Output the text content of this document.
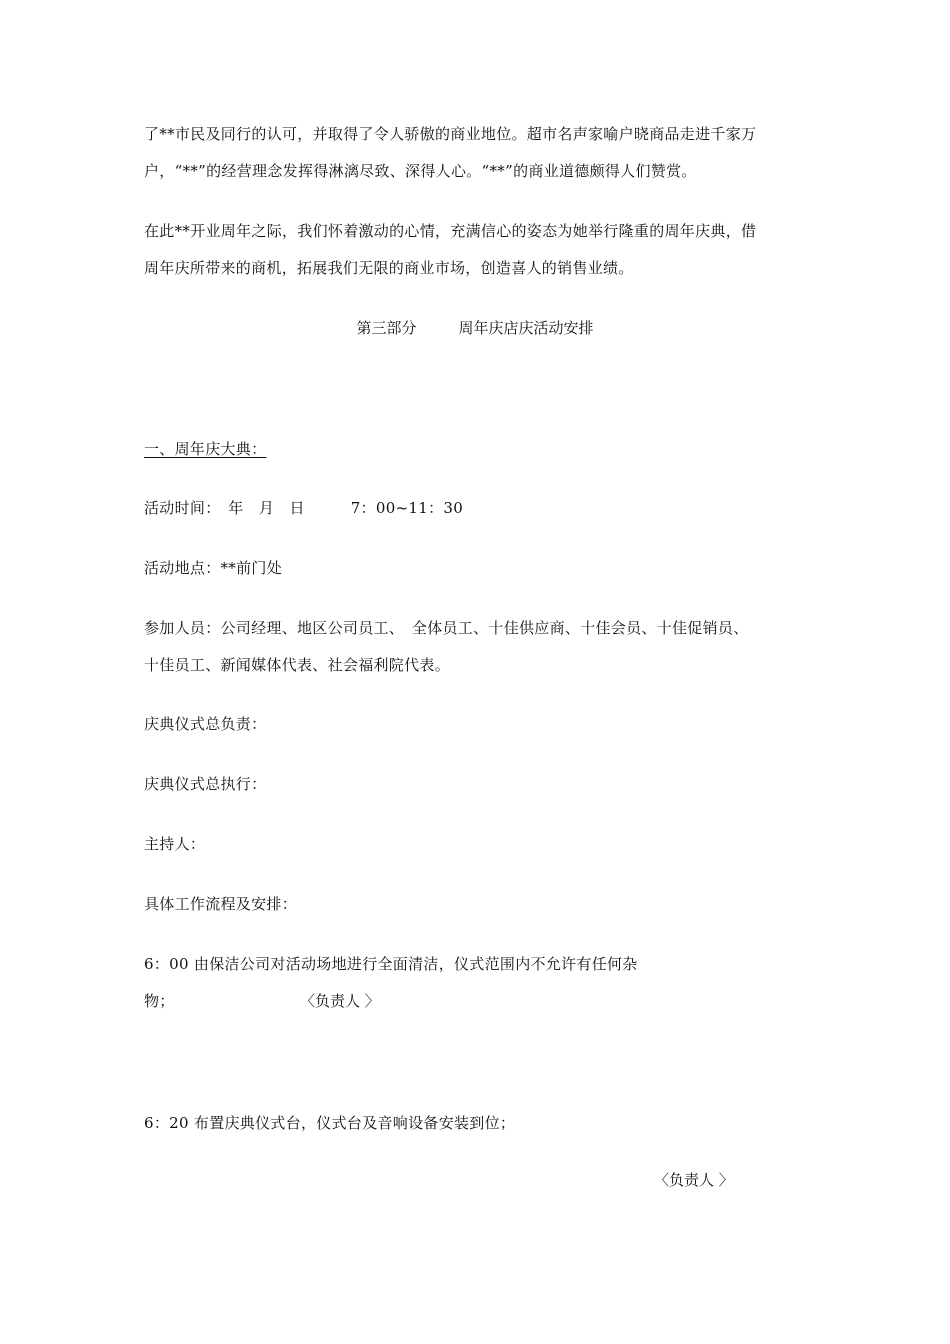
了**市民及同行的认可，并取得了令人骄傲的商业地位。超市名声家喻户晓商品走进千家万
户，“**”的经营理念发挥得淋漓尽致、深得人心。“**”的商业道德颇得人们赞赏。
在此**开业周年之际，我们怀着激动的心情，充满信心的姿态为她举行隆重的周年庆典，借
周年庆所带来的商机，拓展我们无限的商业市场，创造喜人的销售业绩。
第三部分	周年庆店庆活动安排
一、周年庆大典：
活动时间：　年　月　日　　　7：00~11：30
活动地点：**前门处
参加人员：公司经理、地区公司员工、　全体员工、十佳供应商、十佳会员、十佳促销员、
十佳员工、新闻媒体代表、社会福利院代表。
庆典仪式总负责：
庆典仪式总执行：
主持人：
具体工作流程及安排：
6：00 由保洁公司对活动场地进行全面清洁，仪式范围内不允许有任何杂
物；	〈负责人 〉
6：20 布置庆典仪式台，仪式台及音响设备安装到位；
〈负责人 〉
